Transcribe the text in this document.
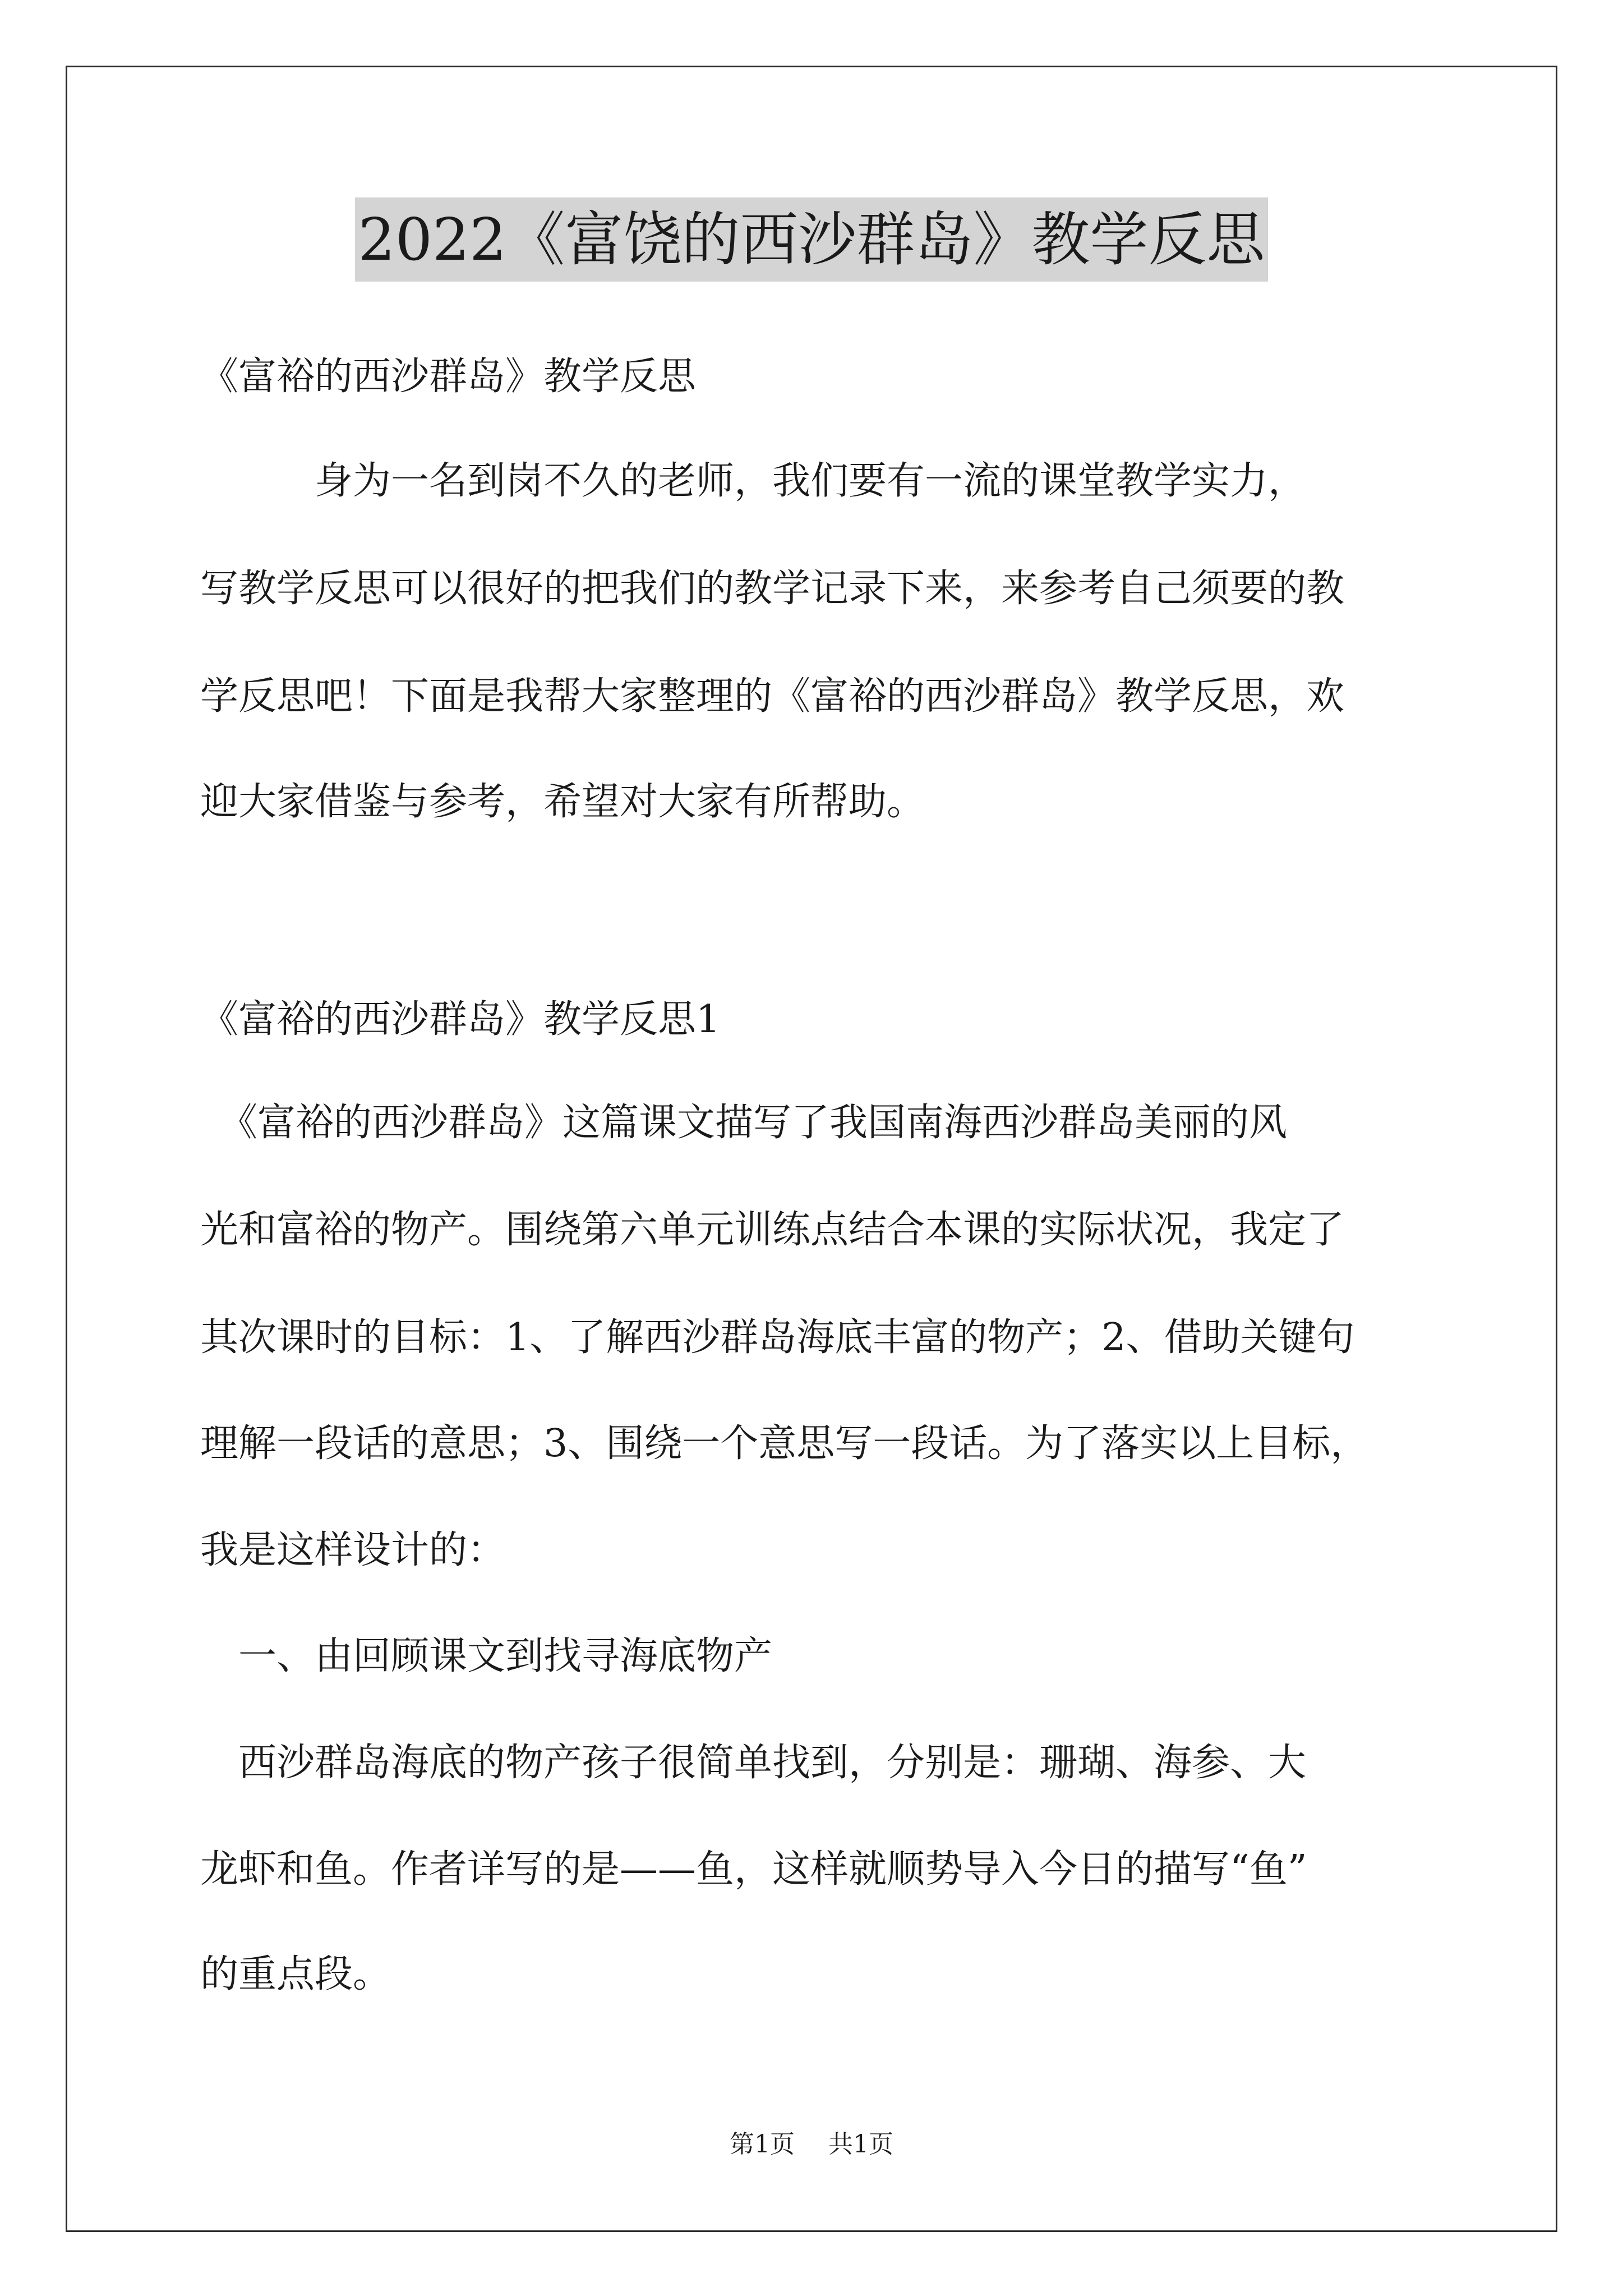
2022《富饶的西沙群岛》教学反思
《富裕的西沙群岛》教学反思
　　　身为一名到岗不久的老师，我们要有一流的课堂教学实力，
写教学反思可以很好的把我们的教学记录下来，来参考自己须要的教
学反思吧！下面是我帮大家整理的《富裕的西沙群岛》教学反思，欢
迎大家借鉴与参考，希望对大家有所帮助。
《富裕的西沙群岛》教学反思1
　《富裕的西沙群岛》这篇课文描写了我国南海西沙群岛美丽的风
光和富裕的物产。围绕第六单元训练点结合本课的实际状况，我定了
其次课时的目标：1、了解西沙群岛海底丰富的物产；2、借助关键句
理解一段话的意思；3、围绕一个意思写一段话。为了落实以上目标，
我是这样设计的：
　一、由回顾课文到找寻海底物产
　西沙群岛海底的物产孩子很简单找到，分别是：珊瑚、海参、大
龙虾和鱼。作者详写的是——鱼，这样就顺势导入今日的描写“鱼”
的重点段。
第1页 共1页
